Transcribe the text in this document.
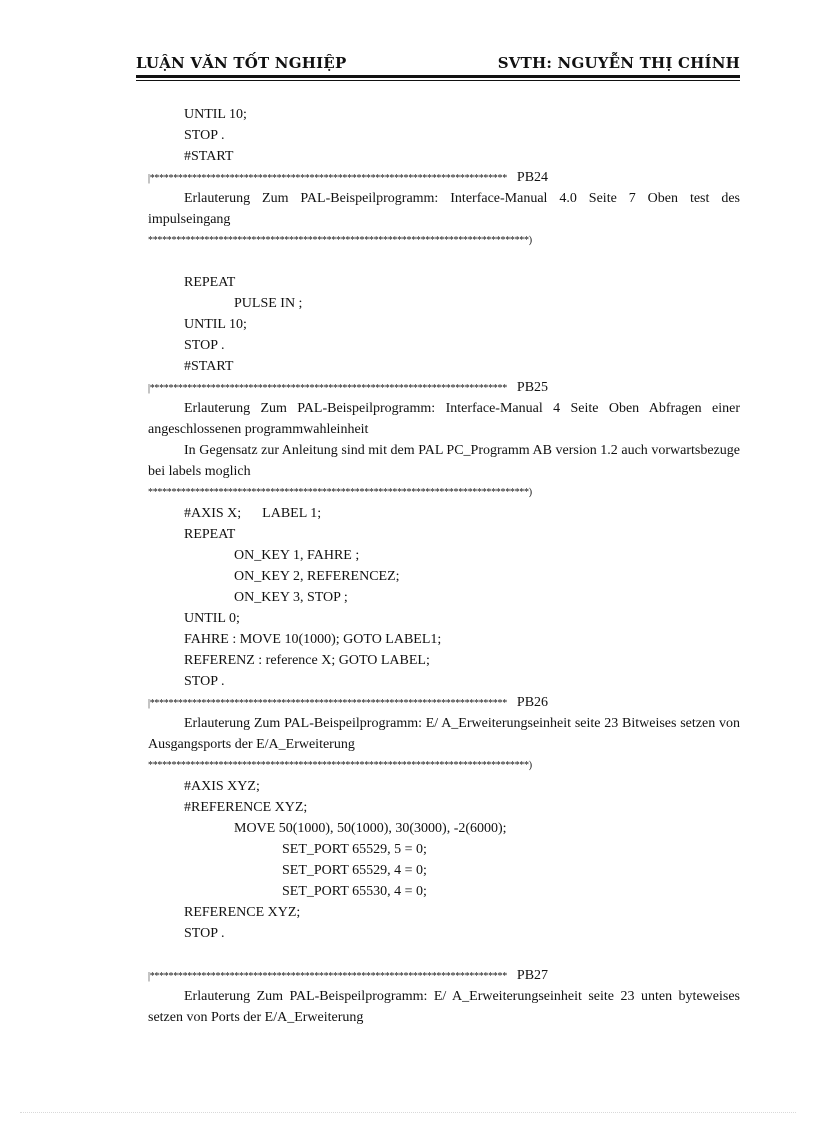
LUẬN VĂN TỐT NGHIỆP	SVTH: NGUYỄN THỊ CHÍNH
UNTIL 10;
STOP .
#START
|**************************************************************************** PB24
Erlauterung Zum PAL-Beispeilprogramm: Interface-Manual 4.0 Seite 7 Oben test des impulseingang
*********************************************************************************)
REPEAT
PULSE IN ;
UNTIL 10;
STOP .
#START
|**************************************************************************** PB25
Erlauterung Zum PAL-Beispeilprogramm: Interface-Manual 4 Seite Oben Abfragen einer angeschlossenen programmwahleinheit
In Gegensatz zur Anleitung sind mit dem PAL PC_Programm AB version 1.2 auch vorwartsbezuge bei labels moglich
*********************************************************************************)
#AXIS X;      LABEL 1;
REPEAT
ON_KEY 1, FAHRE ;
ON_KEY 2, REFERENCEZ;
ON_KEY 3, STOP ;
UNTIL 0;
FAHRE : MOVE 10(1000); GOTO LABEL1;
REFERENZ : reference X; GOTO LABEL;
STOP .
|**************************************************************************** PB26
Erlauterung Zum PAL-Beispeilprogramm: E/ A_Erweiterungseinheit seite 23 Bitweises setzen von Ausgangsports der E/A_Erweiterung
*********************************************************************************)
#AXIS XYZ;
#REFERENCE XYZ;
MOVE 50(1000), 50(1000), 30(3000), -2(6000);
SET_PORT 65529, 5 = 0;
SET_PORT 65529, 4 = 0;
SET_PORT 65530, 4 = 0;
REFERENCE XYZ;
STOP .
|**************************************************************************** PB27
Erlauterung Zum PAL-Beispeilprogramm: E/ A_Erweiterungseinheit seite 23 unten byteweises setzen von Ports der E/A_Erweiterung
